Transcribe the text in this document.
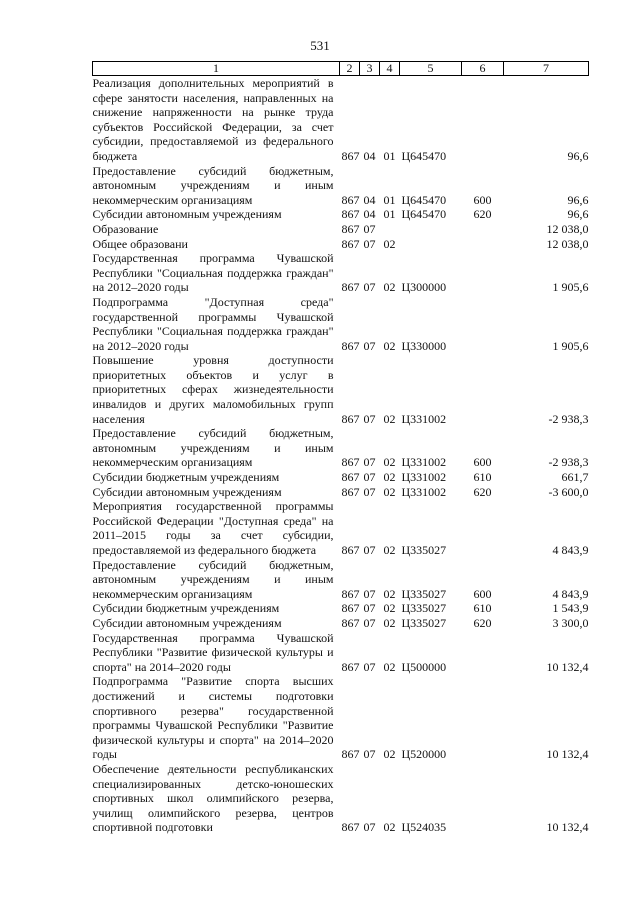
531
1	2	3	4	5	6	7
Реализация дополнительных мероприятий в сфере занятости населения, направленных на снижение напряженности на рынке труда субъектов Российской Федерации, за счет субсидии, предоставляемой из федерального бюджета	867	04	01	Ц645470		96,6
Предоставление субсидий бюджетным, автономным учреждениям и иным некоммерческим организациям	867	04	01	Ц645470	600	96,6
Субсидии автономным учреждениям	867	04	01	Ц645470	620	96,6
Образование	867	07				12 038,0
Общее образовани	867	07	02			12 038,0
Государственная программа Чувашской Республики "Социальная поддержка граждан" на 2012–2020 годы	867	07	02	Ц300000		1 905,6
Подпрограмма "Доступная среда" государственной программы Чувашской Республики "Социальная поддержка граждан" на 2012–2020 годы	867	07	02	Ц330000		1 905,6
Повышение уровня доступности приоритетных объектов и услуг в приоритетных сферах жизнедеятельности инвалидов и других маломобильных групп населения	867	07	02	Ц331002		-2 938,3
Предоставление субсидий бюджетным, автономным учреждениям и иным некоммерческим организациям	867	07	02	Ц331002	600	-2 938,3
Субсидии бюджетным учреждениям	867	07	02	Ц331002	610	661,7
Субсидии автономным учреждениям	867	07	02	Ц331002	620	-3 600,0
Мероприятия государственной программы Российской Федерации "Доступная среда" на 2011–2015 годы за счет субсидии, предоставляемой из федерального бюджета	867	07	02	Ц335027		4 843,9
Предоставление субсидий бюджетным, автономным учреждениям и иным некоммерческим организациям	867	07	02	Ц335027	600	4 843,9
Субсидии бюджетным учреждениям	867	07	02	Ц335027	610	1 543,9
Субсидии автономным учреждениям	867	07	02	Ц335027	620	3 300,0
Государственная программа Чувашской Республики "Развитие физической культуры и спорта" на 2014–2020 годы	867	07	02	Ц500000		10 132,4
Подпрограмма "Развитие спорта высших достижений и системы подготовки спортивного резерва" государственной программы Чувашской Республики "Развитие физической культуры и спорта" на 2014–2020 годы	867	07	02	Ц520000		10 132,4
Обеспечение деятельности республиканских специализированных детско-юношеских спортивных школ олимпийского резерва, училищ олимпийского резерва, центров спортивной подготовки	867	07	02	Ц524035		10 132,4
